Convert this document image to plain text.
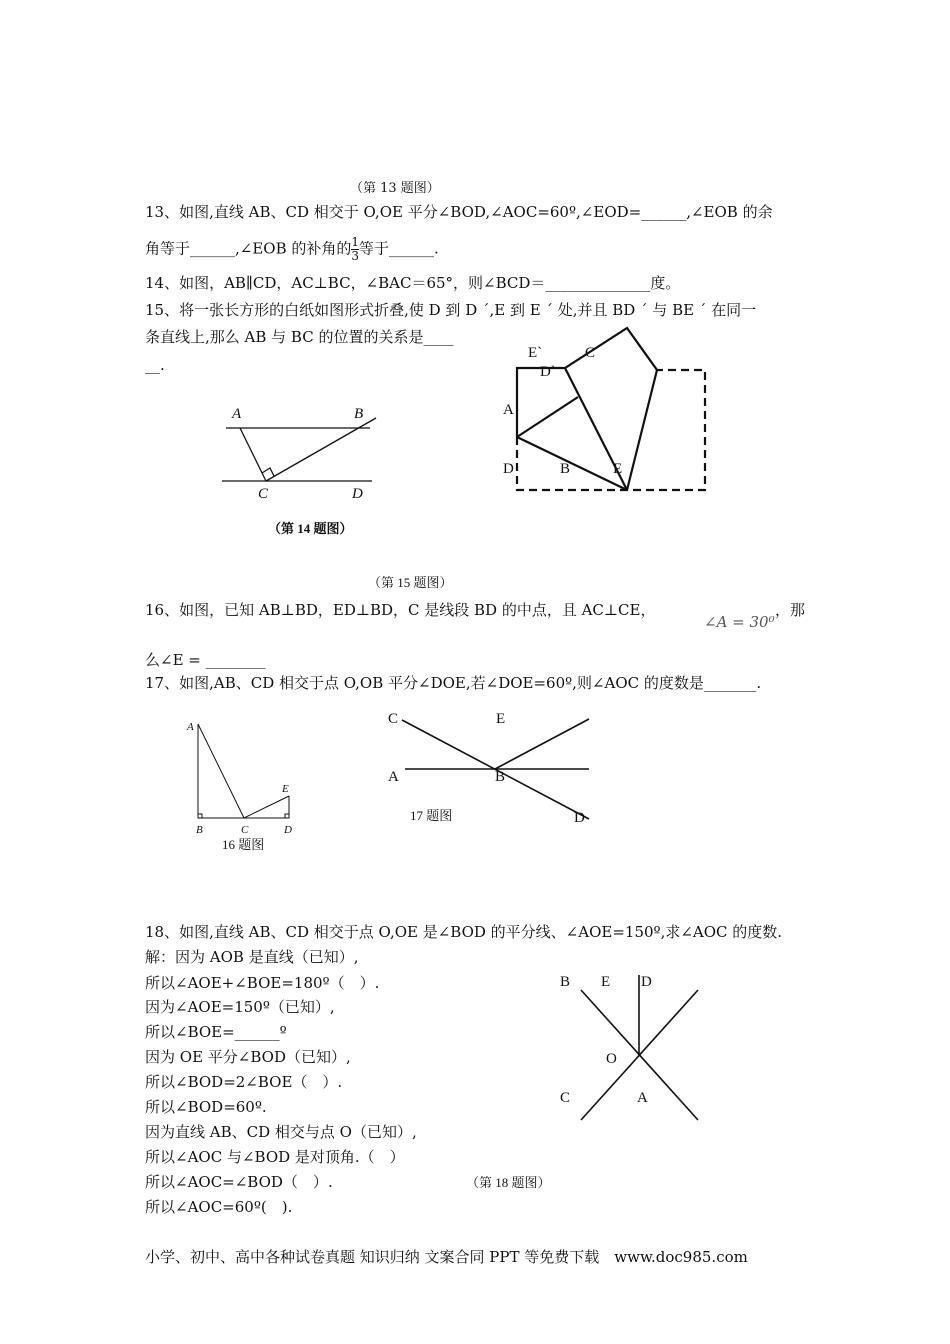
（第 13 题图）
13、如图,直线 AB、CD 相交于 O,OE 平分∠BOD,∠AOC=60º,∠EOD=______,∠EOB 的余
角等于______,∠EOB 的补角的 $\frac{1}{3}$ 等于______.
14、如图，AB∥CD，AC⊥BC，∠BAC＝65°，则∠BCD＝______________度。
15、将一张长方形的白纸如图形式折叠,使 D 到 D ˊ,E 到 E ˊ 处,并且 BD ˊ 与 BE ˊ 在同一
条直线上,那么 AB 与 BC 的位置的关系是____
__.
A	B
C	D
（第 14 题图）
E`	C
D`
A
D	B	E
（第 15 题图）
A
B	C	D
E
16 题图
C	E
A	B
D
17 题图
B E D
O
C	A
（第 18 题图）
16、如图，已知 AB⊥BD，ED⊥BD，C 是线段 BD 的中点，且 AC⊥CE，
∠A = 30⁰
，那
么∠E = ________
17、如图,AB、CD 相交于点 O,OB 平分∠DOE,若∠DOE=60º,则∠AOC 的度数是_______.
18、如图,直线 AB、CD 相交于点 O,OE 是∠BOD 的平分线、∠AOE=150º,求∠AOC 的度数.
解：因为 AOB 是直线（已知）,
所以∠AOE+∠BOE=180º（　）.
因为∠AOE=150º（已知）,
所以∠BOE=______º
因为 OE 平分∠BOD（已知）,
所以∠BOD=2∠BOE（　）.
所以∠BOD=60º.
因为直线 AB、CD 相交与点 O（已知）,
所以∠AOC 与∠BOD 是对顶角.（　）
所以∠AOC=∠BOD（　）.
所以∠AOC=60º(　).
小学、初中、高中各种试卷真题 知识归纳 文案合同 PPT 等免费下载　www.doc985.com
